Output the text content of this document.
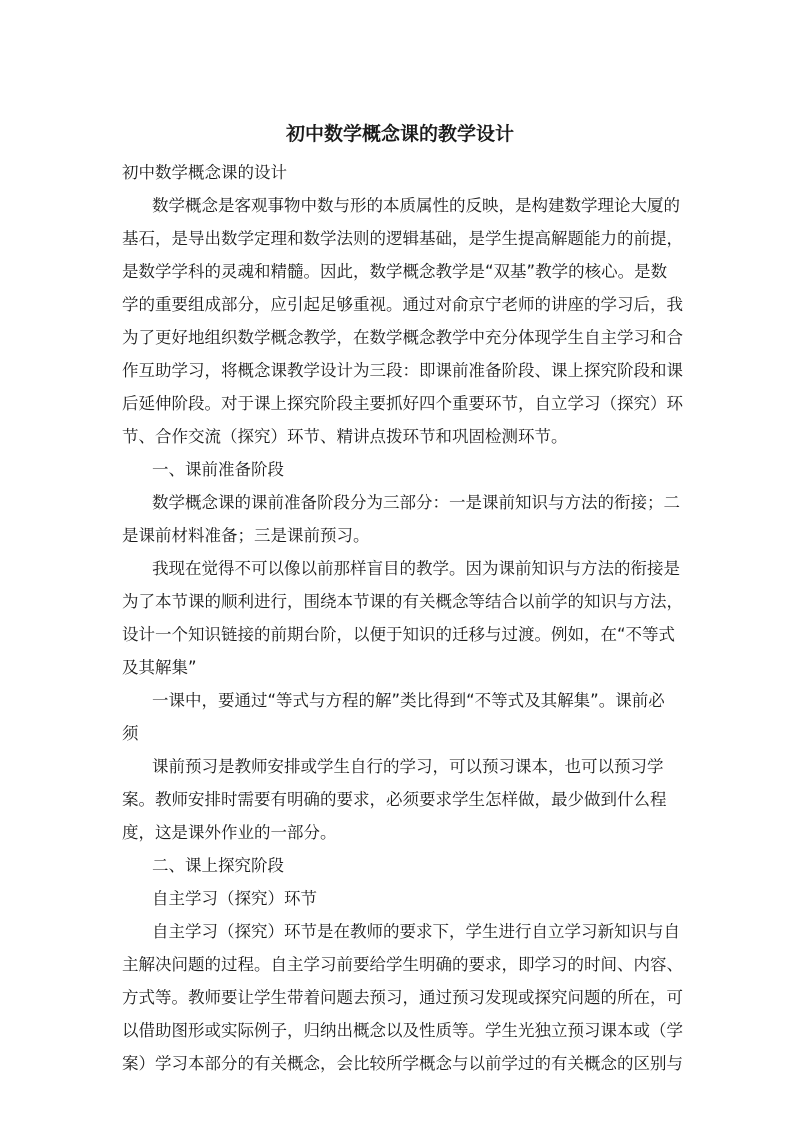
初中数学概念课的教学设计

初中数学概念课的设计

数学概念是客观事物中数与形的本质属性的反映，是构建数学理论大厦的

基石，是导出数学定理和数学法则的逻辑基础，是学生提高解题能力的前提，

是数学学科的灵魂和精髓。因此，数学概念教学是“双基”教学的核心。是数

学的重要组成部分，应引起足够重视。通过对俞京宁老师的讲座的学习后，我

为了更好地组织数学概念教学，在数学概念教学中充分体现学生自主学习和合

作互助学习，将概念课教学设计为三段：即课前准备阶段、课上探究阶段和课

后延伸阶段。对于课上探究阶段主要抓好四个重要环节，自立学习（探究）环

节、合作交流（探究）环节、精讲点拨环节和巩固检测环节。

一、课前准备阶段

数学概念课的课前准备阶段分为三部分：一是课前知识与方法的衔接；二

是课前材料准备；三是课前预习。

我现在觉得不可以像以前那样盲目的教学。因为课前知识与方法的衔接是

为了本节课的顺利进行，围绕本节课的有关概念等结合以前学的知识与方法，

设计一个知识链接的前期台阶，以便于知识的迁移与过渡。例如，在“不等式

及其解集”

一课中，要通过“等式与方程的解”类比得到“不等式及其解集”。课前必

须

课前预习是教师安排或学生自行的学习，可以预习课本，也可以预习学

案。教师安排时需要有明确的要求，必须要求学生怎样做，最少做到什么程

度，这是课外作业的一部分。

二、课上探究阶段

自主学习（探究）环节

自主学习（探究）环节是在教师的要求下，学生进行自立学习新知识与自

主解决问题的过程。自主学习前要给学生明确的要求，即学习的时间、内容、

方式等。教师要让学生带着问题去预习，通过预习发现或探究问题的所在，可

以借助图形或实际例子，归纳出概念以及性质等。学生光独立预习课本或（学

案）学习本部分的有关概念，会比较所学概念与以前学过的有关概念的区别与
